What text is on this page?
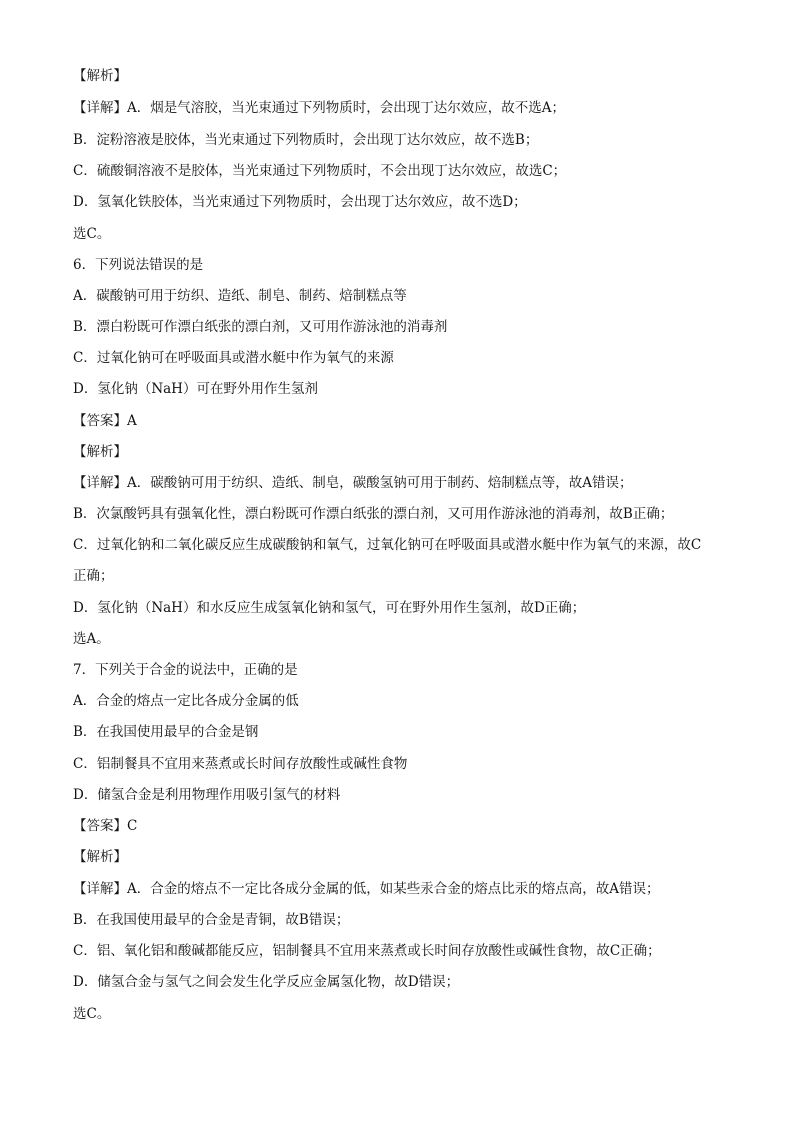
【解析】
【详解】A．烟是气溶胶，当光束通过下列物质时，会出现丁达尔效应，故不选A；
B．淀粉溶液是胶体，当光束通过下列物质时，会出现丁达尔效应，故不选B；
C．硫酸铜溶液不是胶体，当光束通过下列物质时，不会出现丁达尔效应，故选C；
D．氢氧化铁胶体，当光束通过下列物质时，会出现丁达尔效应，故不选D；
选C。
6．下列说法错误的是
A．碳酸钠可用于纺织、造纸、制皂、制药、焙制糕点等
B．漂白粉既可作漂白纸张的漂白剂，又可用作游泳池的消毒剂
C．过氧化钠可在呼吸面具或潜水艇中作为氧气的来源
D．氢化钠（NaH）可在野外用作生氢剂
【答案】A
【解析】
【详解】A．碳酸钠可用于纺织、造纸、制皂，碳酸氢钠可用于制药、焙制糕点等，故A错误；
B．次氯酸钙具有强氧化性，漂白粉既可作漂白纸张的漂白剂，又可用作游泳池的消毒剂，故B正确；
C．过氧化钠和二氧化碳反应生成碳酸钠和氧气，过氧化钠可在呼吸面具或潜水艇中作为氧气的来源，故C
正确；
D．氢化钠（NaH）和水反应生成氢氧化钠和氢气，可在野外用作生氢剂，故D正确；
选A。
7．下列关于合金的说法中，正确的是
A．合金的熔点一定比各成分金属的低
B．在我国使用最早的合金是钢
C．铝制餐具不宜用来蒸煮或长时间存放酸性或碱性食物
D．储氢合金是利用物理作用吸引氢气的材料
【答案】C
【解析】
【详解】A．合金的熔点不一定比各成分金属的低，如某些汞合金的熔点比汞的熔点高，故A错误；
B．在我国使用最早的合金是青铜，故B错误；
C．铝、氧化铝和酸碱都能反应，铝制餐具不宜用来蒸煮或长时间存放酸性或碱性食物，故C正确；
D．储氢合金与氢气之间会发生化学反应金属氢化物，故D错误；
选C。
